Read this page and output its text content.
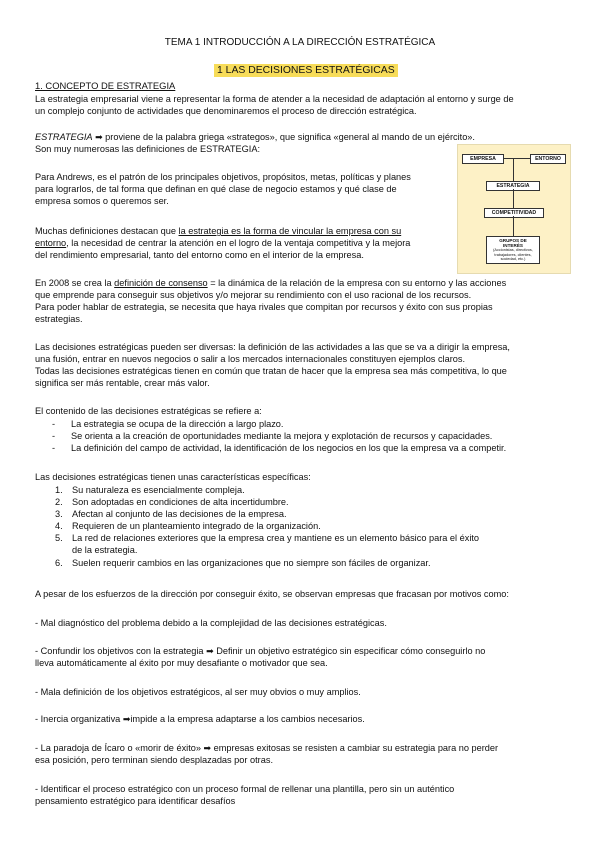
TEMA 1 INTRODUCCIÓN A LA DIRECCIÓN ESTRATÉGICA
1 LAS DECISIONES ESTRATÉGICAS
1. CONCEPTO DE ESTRATEGIA

La estrategia empresarial viene a representar la forma de atender a la necesidad de adaptación al entorno y surge de

un complejo conjunto de actividades que denominaremos el proceso de dirección estratégica.

ESTRATEGIA ➡ proviene de la palabra griega «strategos», que significa «general al mando de un ejército».

Son muy numerosas las definiciones de ESTRATEGIA:

Para Andrews, es el patrón de los principales objetivos, propósitos, metas, políticas y planes

para lograrlos, de tal forma que definan en qué clase de negocio estamos y qué clase de

empresa somos o queremos ser.

Muchas definiciones destacan que la estrategia es la forma de vincular la empresa con su

entorno, la necesidad de centrar la atención en el logro de la ventaja competitiva y la mejora

del rendimiento empresarial, tanto del entorno como en el interior de la empresa.

En 2008 se crea la definición de consenso = la dinámica de la relación de la empresa con su entorno y las acciones

que emprende para conseguir sus objetivos y/o mejorar su rendimiento con el uso racional de los recursos.

Para poder hablar de estrategia, se necesita que haya rivales que compitan por recursos y éxito con sus propias

estrategias.

Las decisiones estratégicas pueden ser diversas: la definición de las actividades a las que se va a dirigir la empresa,

una fusión, entrar en nuevos negocios o salir a los mercados internacionales constituyen ejemplos claros.

Todas las decisiones estratégicas tienen en común que tratan de hacer que la empresa sea más competitiva, lo que

significa ser más rentable, crear más valor.

El contenido de las decisiones estratégicas se refiere a:

- La estrategia se ocupa de la dirección a largo plazo.
- Se orienta a la creación de oportunidades mediante la mejora y explotación de recursos y capacidades.
- La definición del campo de actividad, la identificación de los negocios en los que la empresa va a competir.

Las decisiones estratégicas tienen unas características específicas:

1. Su naturaleza es esencialmente compleja.
2. Son adoptadas en condiciones de alta incertidumbre.
3. Afectan al conjunto de las decisiones de la empresa.
4. Requieren de un planteamiento integrado de la organización.
5. La red de relaciones exteriores que la empresa crea y mantiene es un elemento básico para el éxito
de la estrategia.
6. Suelen requerir cambios en las organizaciones que no siempre son fáciles de organizar.

A pesar de los esfuerzos de la dirección por conseguir éxito, se observan empresas que fracasan por motivos como:

- Mal diagnóstico del problema debido a la complejidad de las decisiones estratégicas.

- Confundir los objetivos con la estrategia ➡ Definir un objetivo estratégico sin especificar cómo conseguirlo no

lleva automáticamente al éxito por muy desafiante o motivador que sea.

- Mala definición de los objetivos estratégicos, al ser muy obvios o muy amplios.

- Inercia organizativa ➡impide a la empresa adaptarse a los cambios necesarios.

- La paradoja de Ícaro o «morir de éxito» ➡ empresas exitosas se resisten a cambiar su estrategia para no perder

esa posición, pero terminan siendo desplazadas por otras.

- Identificar el proceso estratégico con un proceso formal de rellenar una plantilla, pero sin un auténtico

pensamiento estratégico para identificar desafíos

EMPRESA	ENTORNO
ESTRATEGIA
COMPETITIVIDAD
GRUPOS DE
INTERÉS
(Accionistas, directivos, trabajadores, clientes, sociedad, etc.)
